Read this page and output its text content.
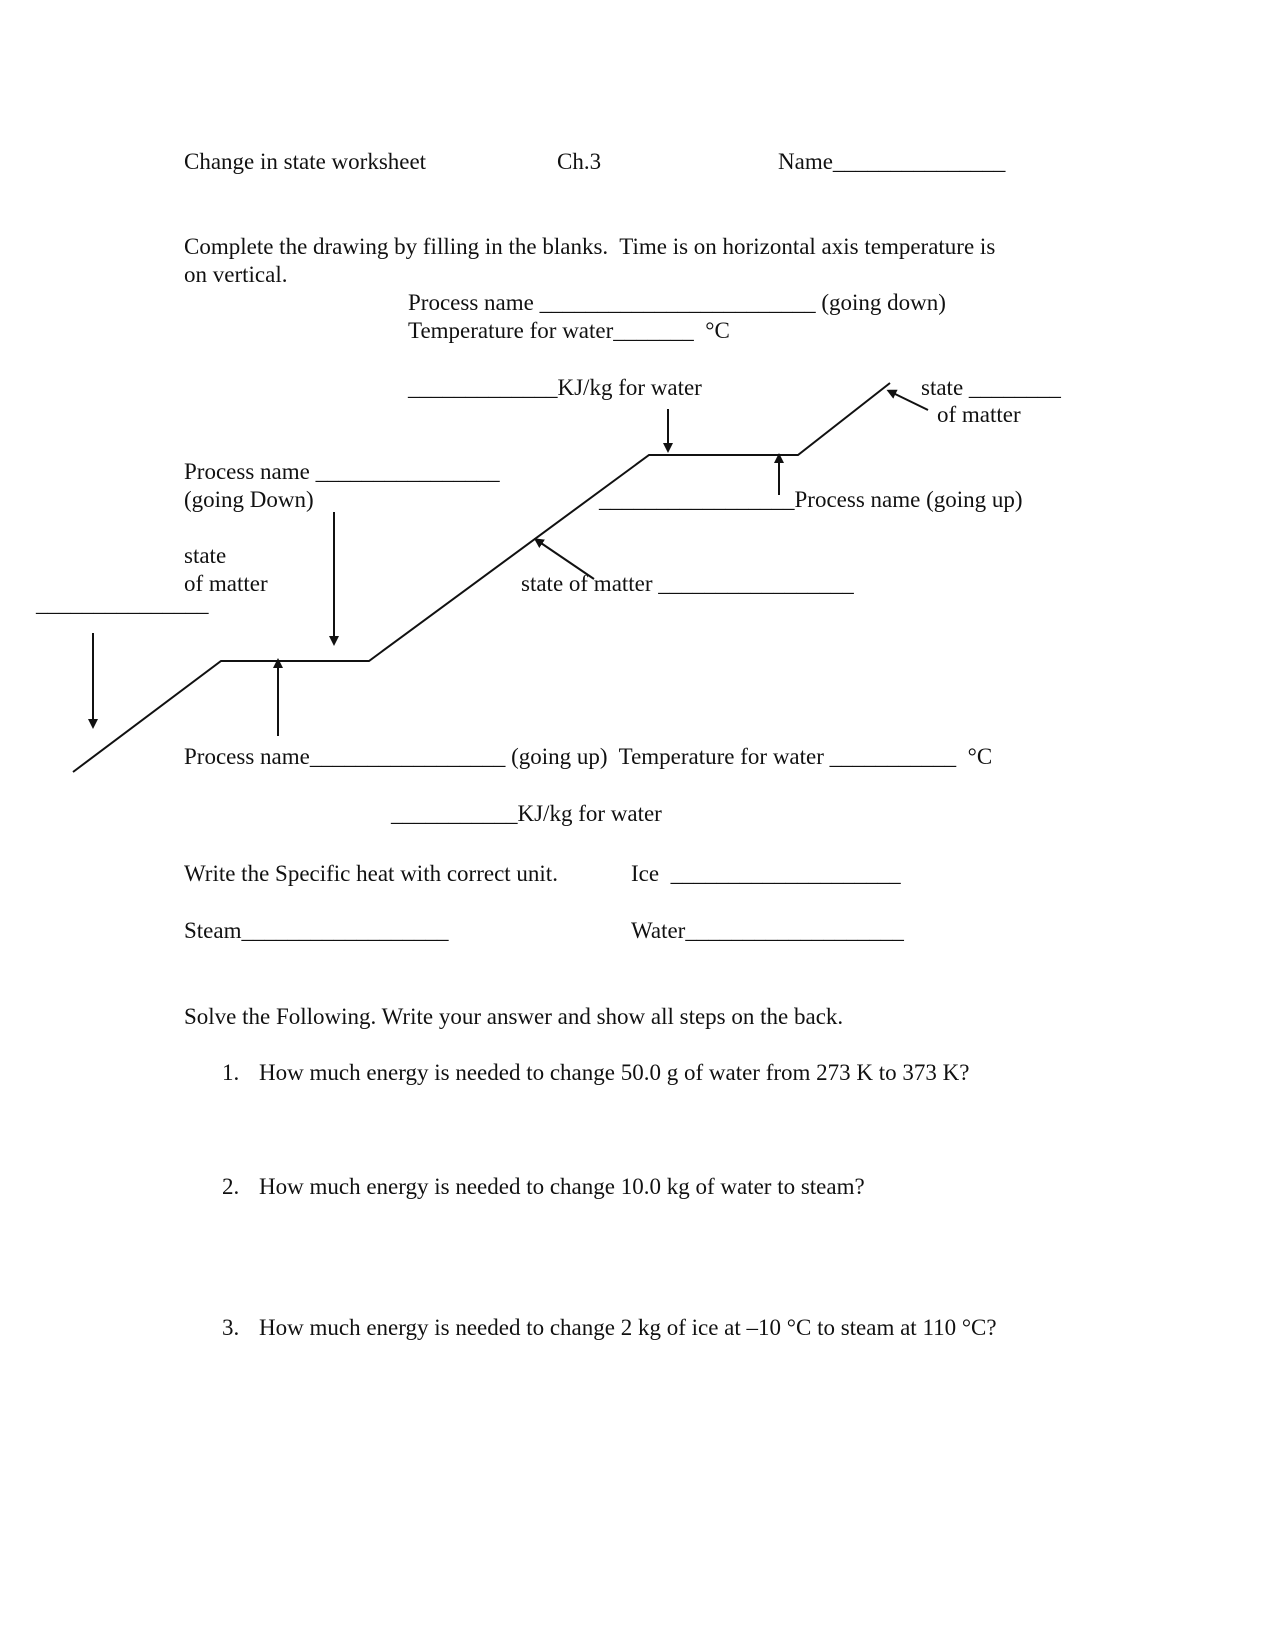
Change in state worksheet	Ch.3	Name_______________
Complete the drawing by filling in the blanks.  Time is on horizontal axis temperature is
on vertical.
Process name ________________________ (going down)
Temperature for water_______  °C
_____________KJ/kg for water	state ________
of matter
Process name ________________
(going Down)	_________________Process name (going up)
state
of matter	state of matter _________________
_______________
Process name_________________ (going up)  Temperature for water ___________  °C
___________KJ/kg for water
Write the Specific heat with correct unit.	Ice  ____________________
Steam__________________	Water___________________
Solve the Following. Write your answer and show all steps on the back.
1. How much energy is needed to change 50.0 g of water from 273 K to 373 K?
2. How much energy is needed to change 10.0 kg of water to steam?
3. How much energy is needed to change 2 kg of ice at –10 °C to steam at 110 °C?
